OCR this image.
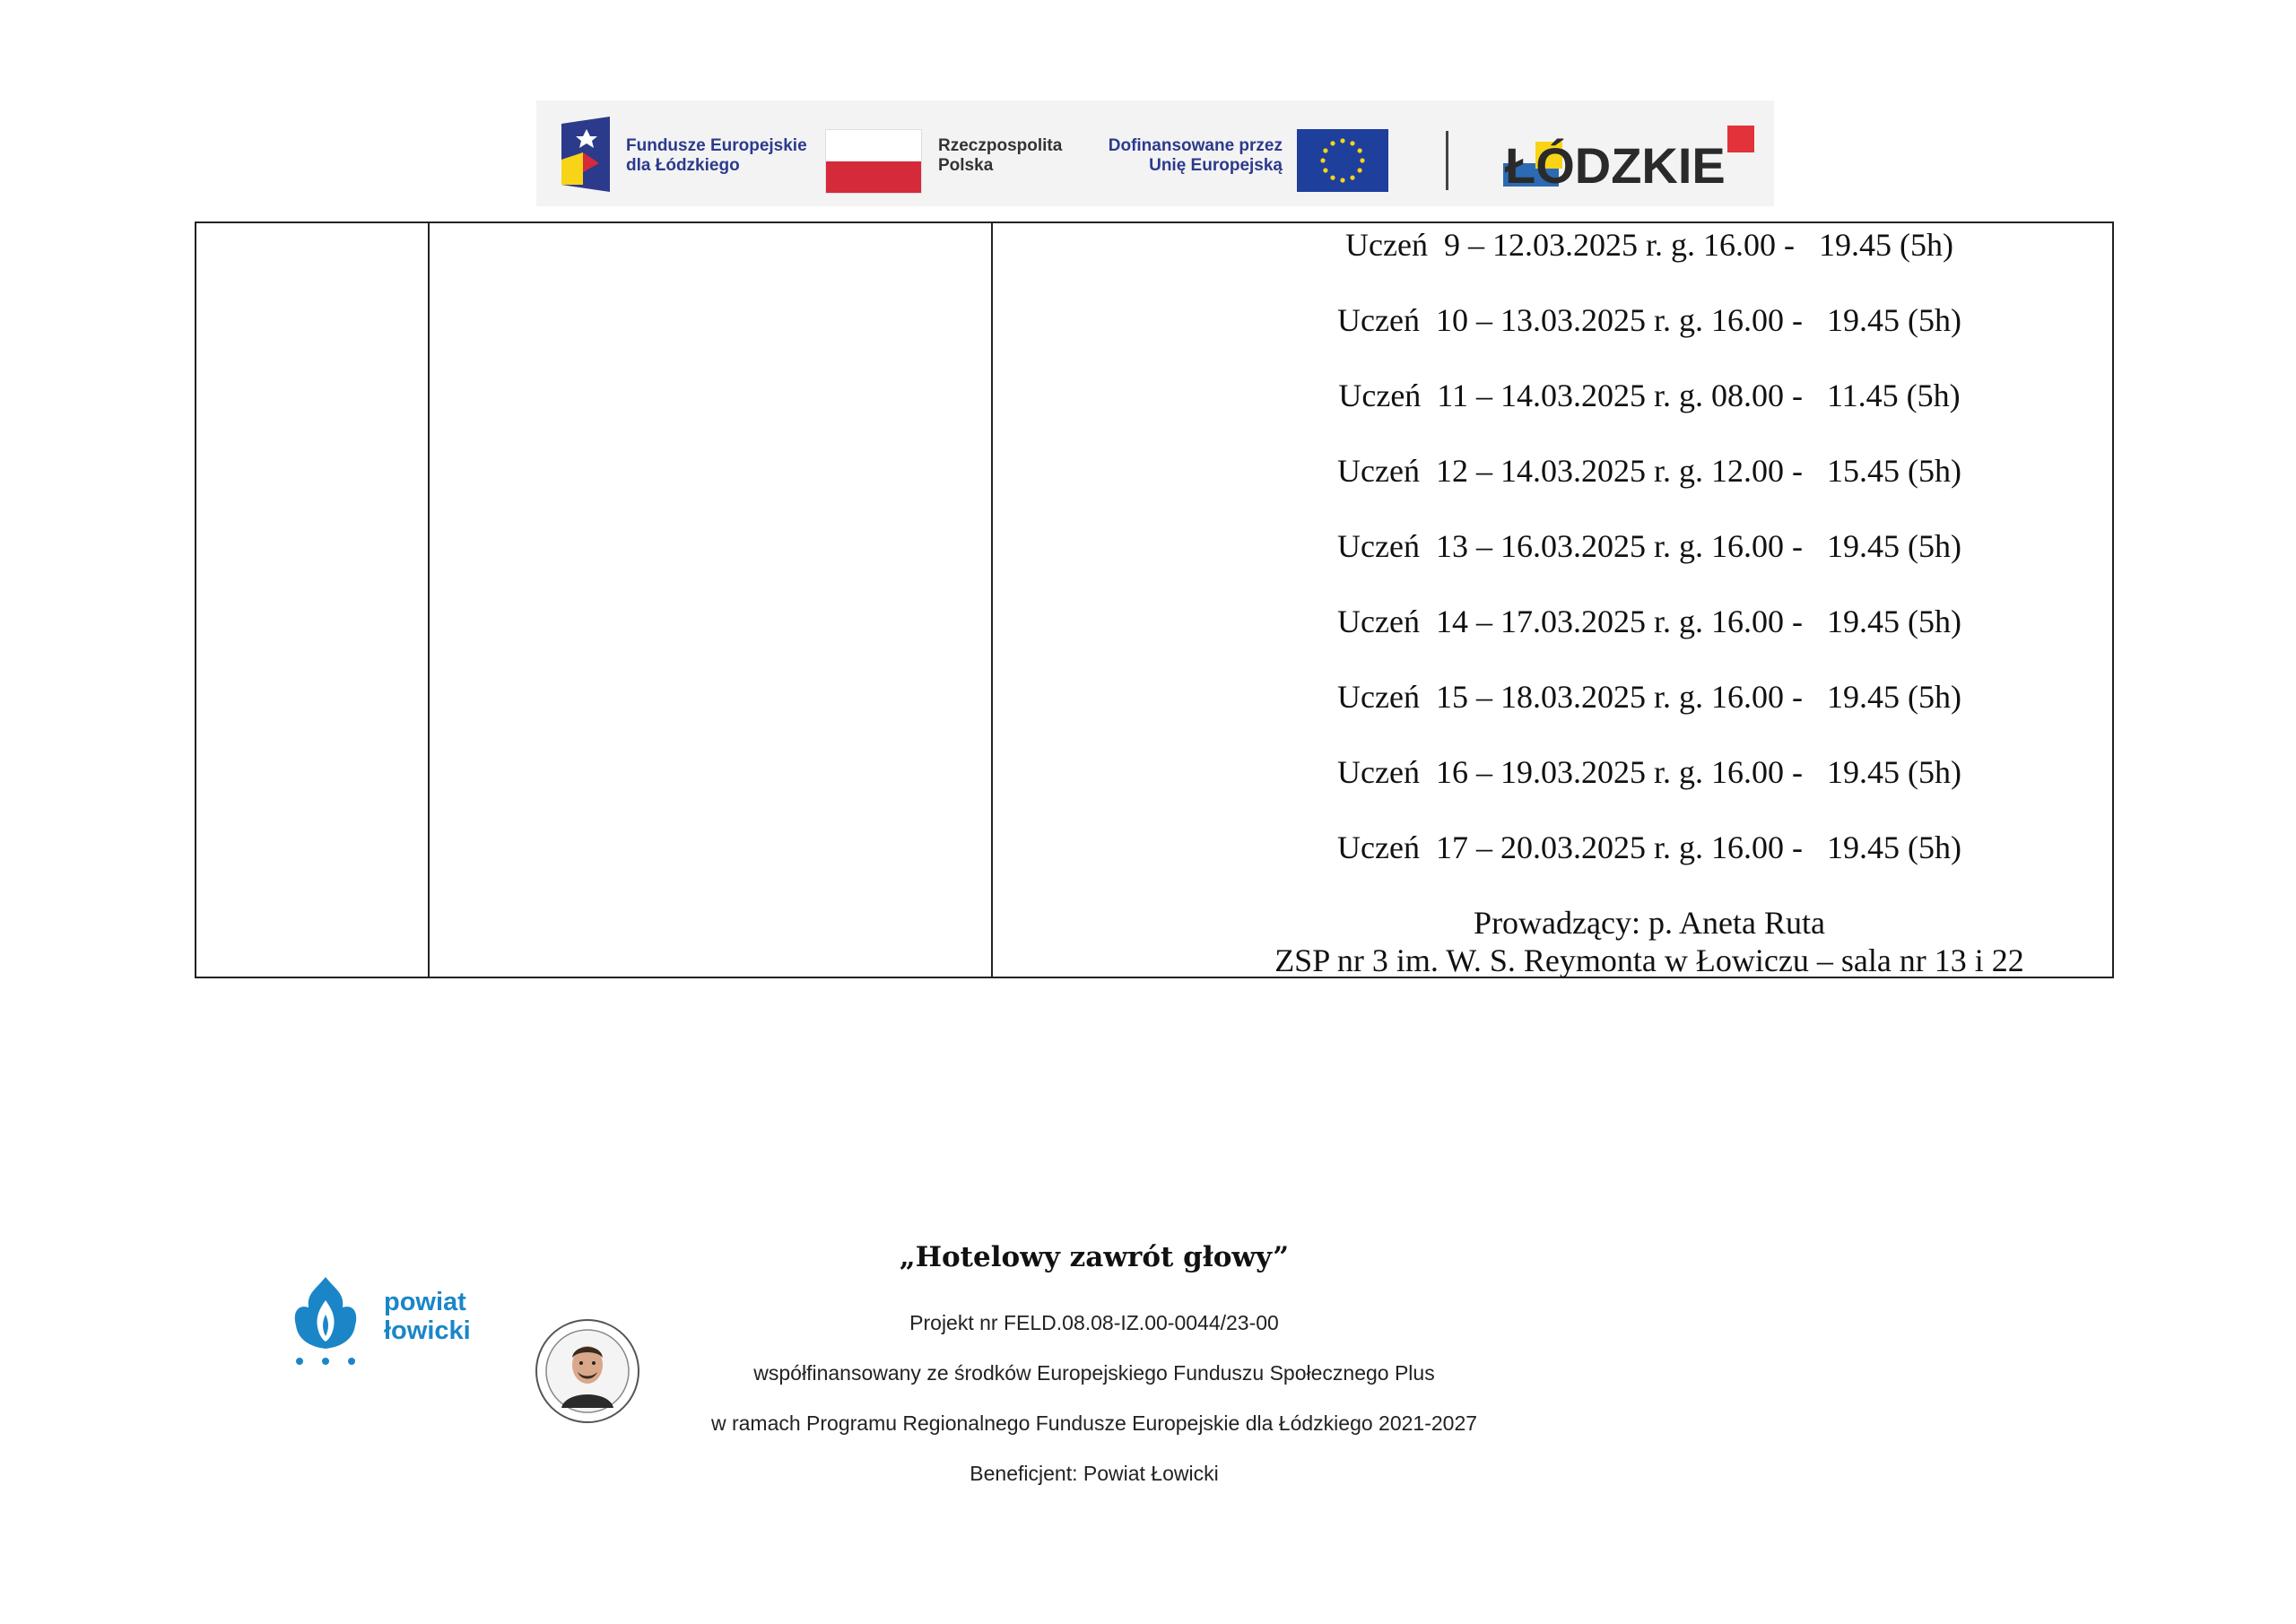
Fundusze Europejskie
dla Łódzkiego
Rzeczpospolita
Polska
Dofinansowane przez
Unię Europejską	ŁÓDZKIE
Uczeń  9 – 12.03.2025 r. g. 16.00 -   19.45 (5h)
Uczeń  10 – 13.03.2025 r. g. 16.00 -   19.45 (5h)
Uczeń  11 – 14.03.2025 r. g. 08.00 -   11.45 (5h)
Uczeń  12 – 14.03.2025 r. g. 12.00 -   15.45 (5h)
Uczeń  13 – 16.03.2025 r. g. 16.00 -   19.45 (5h)
Uczeń  14 – 17.03.2025 r. g. 16.00 -   19.45 (5h)
Uczeń  15 – 18.03.2025 r. g. 16.00 -   19.45 (5h)
Uczeń  16 – 19.03.2025 r. g. 16.00 -   19.45 (5h)
Uczeń  17 – 20.03.2025 r. g. 16.00 -   19.45 (5h)
Prowadzący: p. Aneta Ruta
ZSP nr 3 im. W. S. Reymonta w Łowiczu – sala nr 13 i 22
powiat
łowicki
„Hotelowy zawrót głowy”
Projekt nr FELD.08.08-IZ.00-0044/23-00
współfinansowany ze środków Europejskiego Funduszu Społecznego Plus
w ramach Programu Regionalnego Fundusze Europejskie dla Łódzkiego 2021-2027
Beneficjent: Powiat Łowicki
